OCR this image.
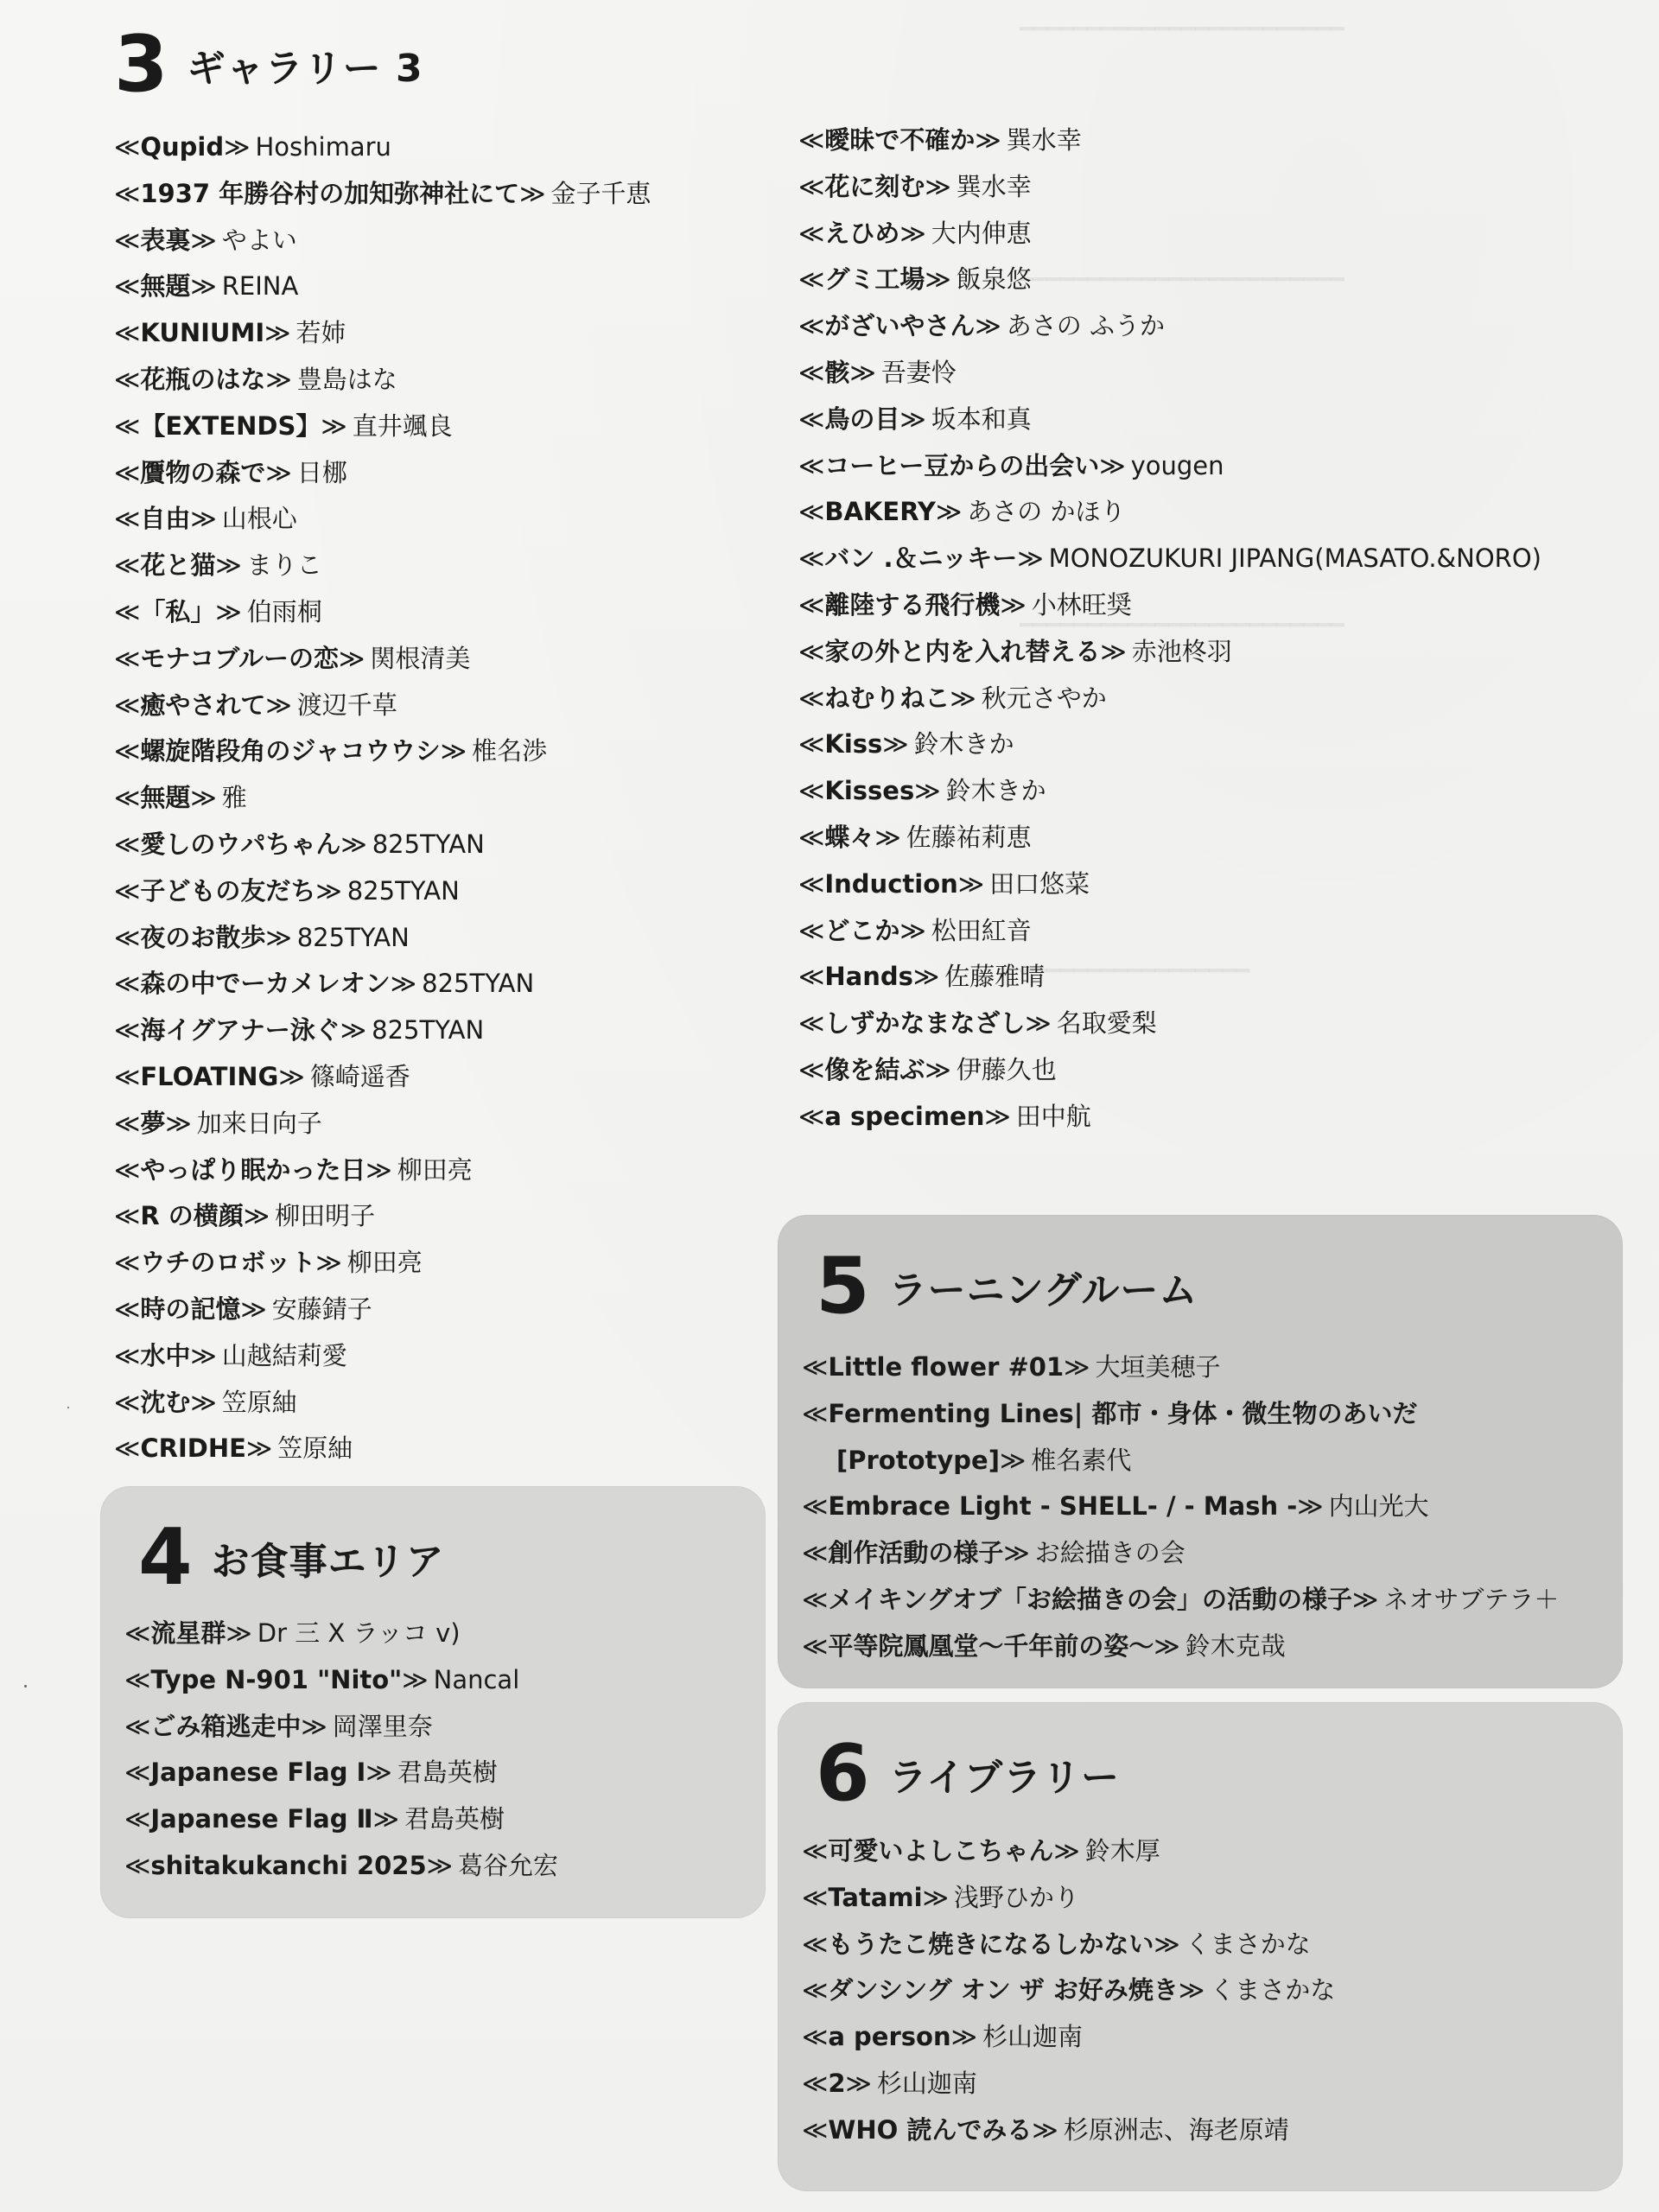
━━━━━━━━━━━━━━━━━━━━━━━━
━━━━━━━━━━━━━━━━━━━━━━━━
━━━━━━━━━━━━━━━━━━━━━━━━
━━━━━━━━━━━━━━━━━
3 ギャラリー 3
≪Qupid≫ Hoshimaru
≪1937 年勝谷村の加知弥神社にて≫ 金子千恵
≪表裏≫ やよい
≪無題≫ REINA
≪KUNIUMI≫ 若姉
≪花瓶のはな≫ 豊島はな
≪【EXTENDS】≫ 直井颯良
≪贋物の森で≫ 日梛
≪自由≫ 山根心
≪花と猫≫ まりこ
≪「私」≫ 伯雨桐
≪モナコブルーの恋≫ 関根清美
≪癒やされて≫ 渡辺千草
≪螺旋階段角のジャコウウシ≫ 椎名渉
≪無題≫ 雅
≪愛しのウパちゃん≫ 825TYAN
≪子どもの友だち≫ 825TYAN
≪夜のお散歩≫ 825TYAN
≪森の中でーカメレオン≫ 825TYAN
≪海イグアナー泳ぐ≫ 825TYAN
≪FLOATING≫ 篠崎遥香
≪夢≫ 加来日向子
≪やっぱり眠かった日≫ 柳田亮
≪R の横顔≫ 柳田明子
≪ウチのロボット≫ 柳田亮
≪時の記憶≫ 安藤錆子
≪水中≫ 山越結莉愛
≪沈む≫ 笠原紬
≪CRIDHE≫ 笠原紬
≪曖昧で不確か≫ 巽水幸
≪花に刻む≫ 巽水幸
≪えひめ≫ 大内伸恵
≪グミ工場≫ 飯泉悠
≪がざいやさん≫ あさの ふうか
≪骸≫ 吾妻怜
≪鳥の目≫ 坂本和真
≪コーヒー豆からの出会い≫ yougen
≪BAKERY≫ あさの かほり
≪バン .＆ニッキー≫ MONOZUKURI JIPANG(MASATO.&NORO)
≪離陸する飛行機≫ 小林旺奨
≪家の外と内を入れ替える≫ 赤池柊羽
≪ねむりねこ≫ 秋元さやか
≪Kiss≫ 鈴木きか
≪Kisses≫ 鈴木きか
≪蝶々≫ 佐藤祐莉恵
≪Induction≫ 田口悠菜
≪どこか≫ 松田紅音
≪Hands≫ 佐藤雅晴
≪しずかなまなざし≫ 名取愛梨
≪像を結ぶ≫ 伊藤久也
≪a specimen≫ 田中航
4 お食事エリア
≪流星群≫ Dr 三 X ラッコ v)
≪Type N-901 "Nito"≫ Nancal
≪ごみ箱逃走中≫ 岡澤里奈
≪Japanese Flag Ⅰ≫ 君島英樹
≪Japanese Flag Ⅱ≫ 君島英樹
≪shitakukanchi 2025≫ 葛谷允宏
5 ラーニングルーム
≪Little flower #01≫ 大垣美穂子
≪Fermenting Lines| 都市・身体・微生物のあいだ
[Prototype]≫ 椎名素代
≪Embrace Light - SHELL- / - Mash -≫ 内山光大
≪創作活動の様子≫ お絵描きの会
≪メイキングオブ「お絵描きの会」の活動の様子≫ ネオサブテラ＋
≪平等院鳳凰堂〜千年前の姿〜≫ 鈴木克哉
6 ライブラリー
≪可愛いよしこちゃん≫ 鈴木厚
≪Tatami≫ 浅野ひかり
≪もうたこ焼きになるしかない≫ くまさかな
≪ダンシング オン ザ お好み焼き≫ くまさかな
≪a person≫ 杉山迦南
≪2≫ 杉山迦南
≪WHO 読んでみる≫ 杉原洲志、海老原靖
